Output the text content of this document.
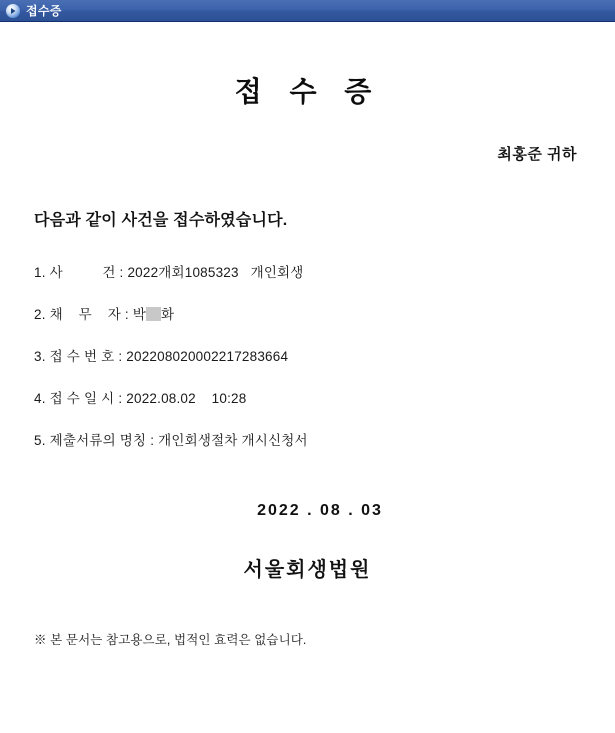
접수증
접 수 증
최홍준 귀하
다음과 같이 사건을 접수하였습니다.
1. 사          건 : 2022개회1085323   개인회생
2. 채    무    자 : 박 화
3. 접 수 번 호 : 202208020002217283664
4. 접 수 일 시 : 2022.08.02    10:28
5. 제출서류의 명칭 : 개인회생절차 개시신청서
2022 . 08 . 03
서울회생법원
※ 본 문서는 참고용으로, 법적인 효력은 없습니다.
